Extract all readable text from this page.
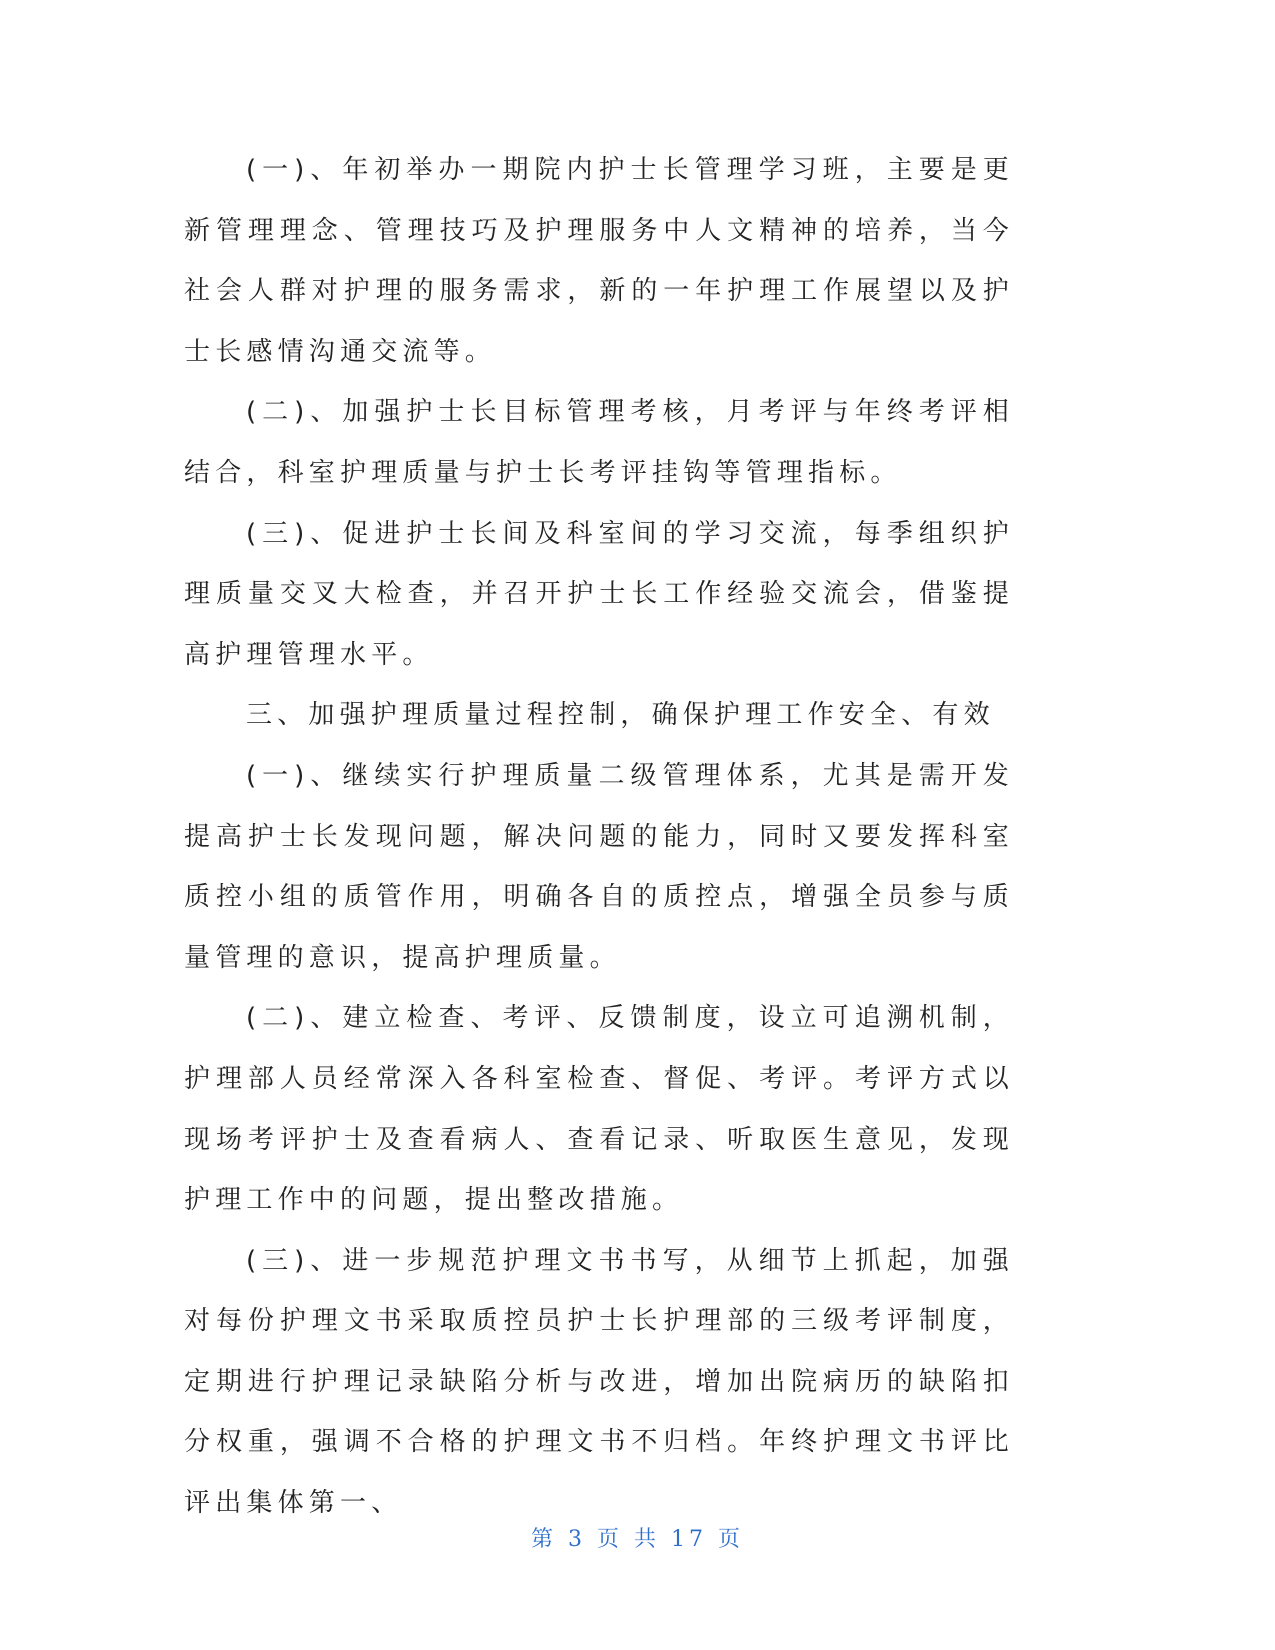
(一)、年初举办一期院内护士长管理学习班，主要是更新管理理念、管理技巧及护理服务中人文精神的培养，当今社会人群对护理的服务需求，新的一年护理工作展望以及护士长感情沟通交流等。

(二)、加强护士长目标管理考核，月考评与年终考评相结合，科室护理质量与护士长考评挂钩等管理指标。

(三)、促进护士长间及科室间的学习交流，每季组织护理质量交叉大检查，并召开护士长工作经验交流会，借鉴提高护理管理水平。

三、加强护理质量过程控制，确保护理工作安全、有效

(一)、继续实行护理质量二级管理体系，尤其是需开发提高护士长发现问题，解决问题的能力，同时又要发挥科室质控小组的质管作用，明确各自的质控点，增强全员参与质量管理的意识，提高护理质量。

(二)、建立检查、考评、反馈制度，设立可追溯机制，护理部人员经常深入各科室检查、督促、考评。考评方式以现场考评护士及查看病人、查看记录、听取医生意见，发现护理工作中的问题，提出整改措施。

(三)、进一步规范护理文书书写，从细节上抓起，加强对每份护理文书采取质控员护士长护理部的三级考评制度，定期进行护理记录缺陷分析与改进，增加出院病历的缺陷扣分权重，强调不合格的护理文书不归档。年终护理文书评比评出集体第一、

第 3 页 共 17 页
